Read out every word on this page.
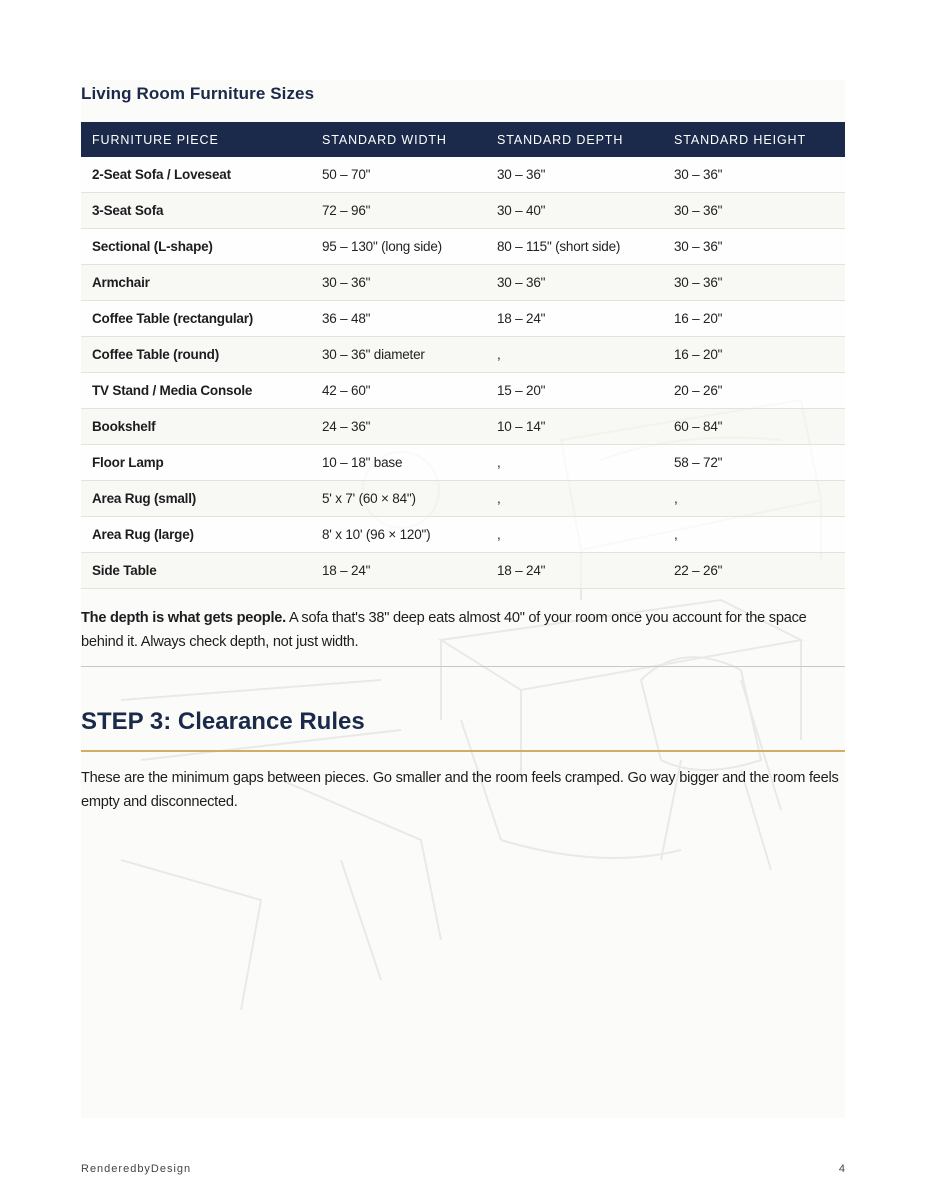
Living Room Furniture Sizes
FURNITURE PIECE	STANDARD WIDTH	STANDARD DEPTH	STANDARD HEIGHT
2-Seat Sofa / Loveseat	50 – 70"	30 – 36"	30 – 36"
3-Seat Sofa	72 – 96"	30 – 40"	30 – 36"
Sectional (L-shape)	95 – 130" (long side)	80 – 115" (short side)	30 – 36"
Armchair	30 – 36"	30 – 36"	30 – 36"
Coffee Table (rectangular)	36 – 48"	18 – 24"	16 – 20"
Coffee Table (round)	30 – 36" diameter	,	16 – 20"
TV Stand / Media Console	42 – 60"	15 – 20"	20 – 26"
Bookshelf	24 – 36"	10 – 14"	60 – 84"
Floor Lamp	10 – 18" base	,	58 – 72"
Area Rug (small)	5' x 7' (60 × 84")	,	,
Area Rug (large)	8' x 10' (96 × 120")	,	,
Side Table	18 – 24"	18 – 24"	22 – 26"

The depth is what gets people. A sofa that's 38" deep eats almost 40" of your room once you account for the space behind it. Always check depth, not just width.

STEP 3: Clearance Rules

These are the minimum gaps between pieces. Go smaller and the room feels cramped. Go way bigger and the room feels empty and disconnected.

RenderedbyDesign	4
